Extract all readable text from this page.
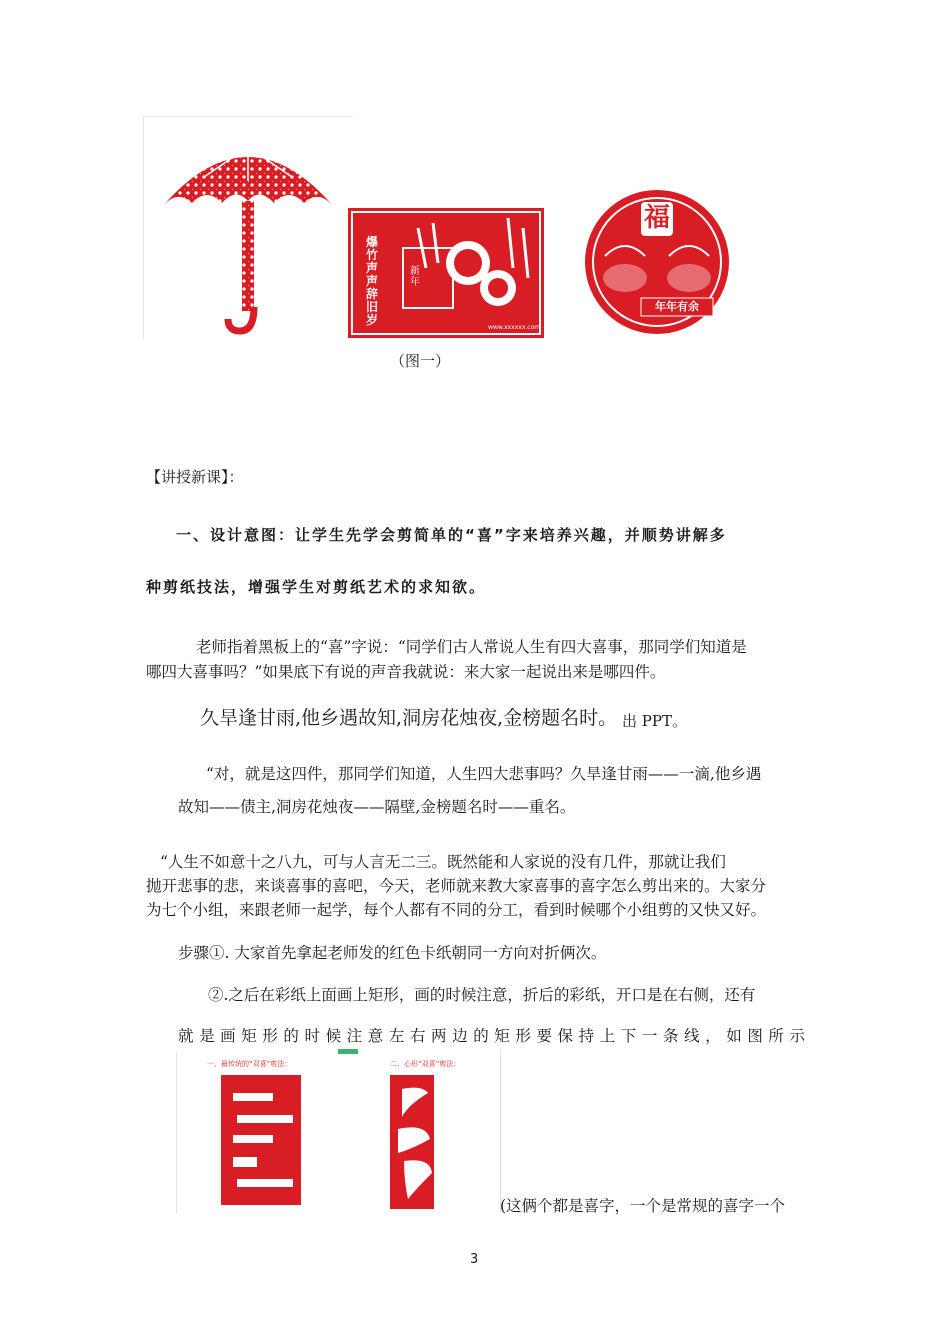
爆竹声声辞旧岁
新年
www.xxxxxx.com
福
年年有余
（图一）
【讲授新课】：
一、设计意图：让学生先学会剪简单的“喜”字来培养兴趣，并顺势讲解多
种剪纸技法，增强学生对剪纸艺术的求知欲。
老师指着黑板上的“喜”字说：“同学们古人常说人生有四大喜事，那同学们知道是
哪四大喜事吗？”如果底下有说的声音我就说：来大家一起说出来是哪四件。
久旱逢甘雨,他乡遇故知,洞房花烛夜,金榜题名时。 出 PPT。
“对，就是这四件，那同学们知道，人生四大悲事吗？久旱逢甘雨——一滴,他乡遇
故知——债主,洞房花烛夜——隔壁,金榜题名时——重名。
“人生不如意十之八九，可与人言无二三。既然能和人家说的没有几件，那就让我们
抛开悲事的悲，来谈喜事的喜吧，今天，老师就来教大家喜事的喜字怎么剪出来的。大家分
为七个小组，来跟老师一起学，每个人都有不同的分工，看到时候哪个小组剪的又快又好。
步骤①. 大家首先拿起老师发的红色卡纸朝同一方向对折俩次。
②.之后在彩纸上面画上矩形，画的时候注意，折后的彩纸，开口是在右侧，还有
就是画矩形的时候注意左右两边的矩形要保持上下一条线，如图所示
一、最传统的“双喜”剪法：	二、心形“双喜”剪法：
(这俩个都是喜字，一个是常规的喜字一个
3
